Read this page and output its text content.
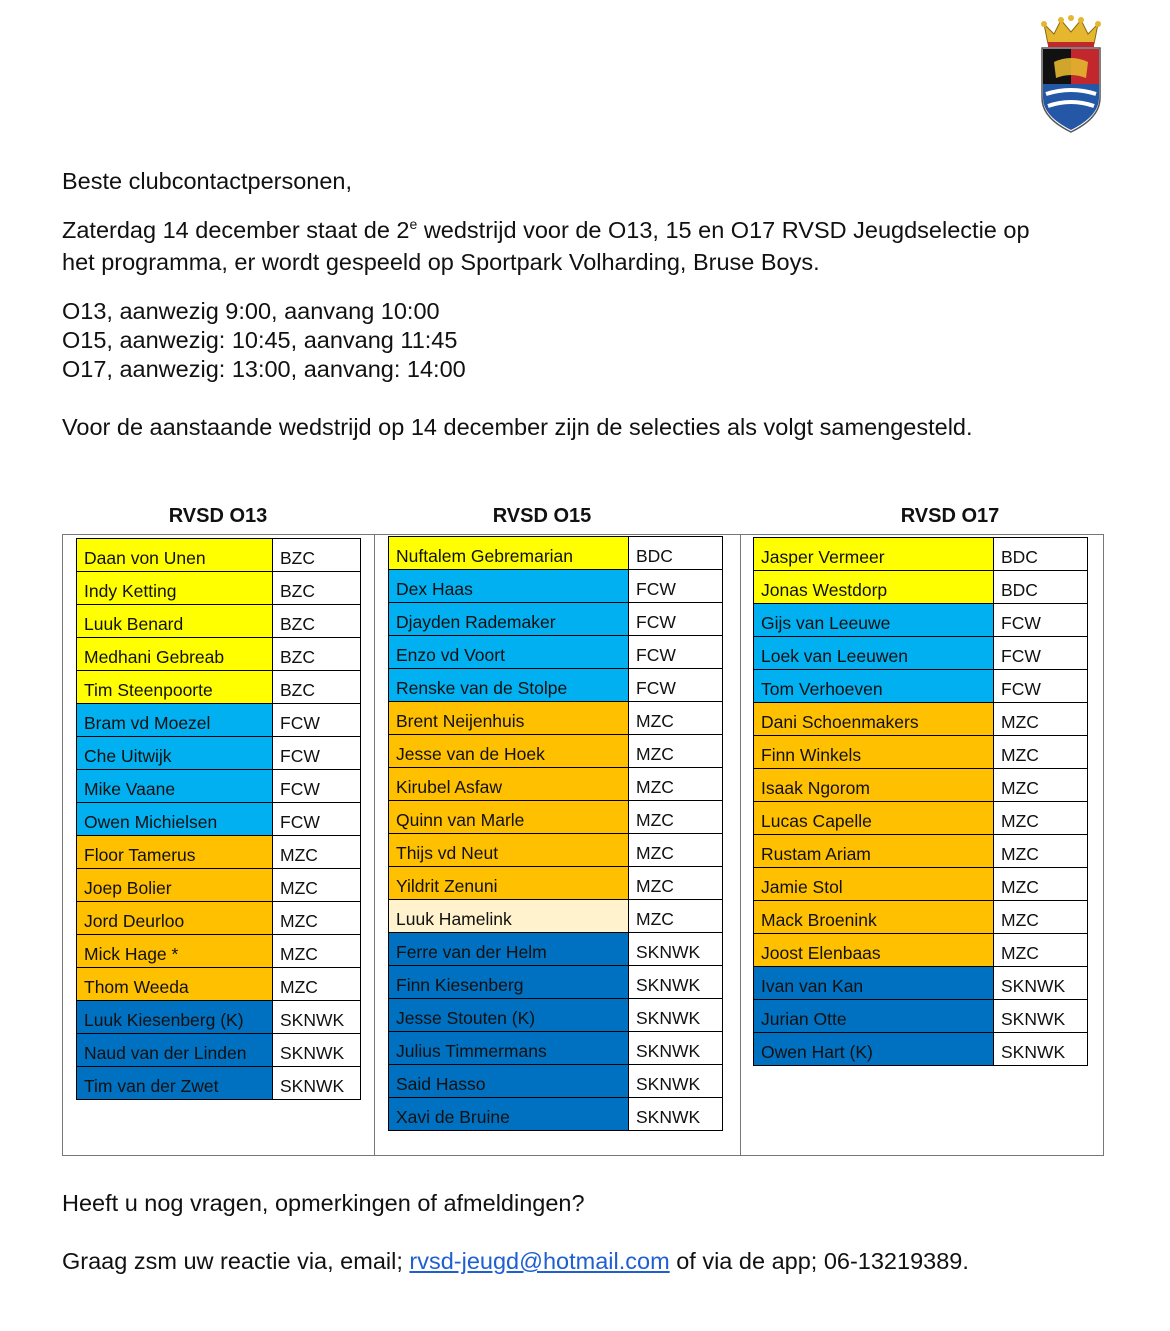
Beste clubcontactpersonen,
Zaterdag 14 december staat de 2e wedstrijd voor de O13, 15 en O17 RVSD Jeugdselectie op
het programma, er wordt gespeeld op Sportpark Volharding, Bruse Boys.
O13, aanwezig 9:00, aanvang 10:00
O15, aanwezig: 10:45, aanvang 11:45
O17, aanwezig: 13:00, aanvang: 14:00
Voor de aanstaande wedstrijd op 14 december zijn de selecties als volgt samengesteld.
RVSD O13	RVSD O15	RVSD O17
Daan von Unen	BZC
Indy Ketting	BZC
Luuk Benard	BZC
Medhani Gebreab	BZC
Tim Steenpoorte	BZC
Bram vd Moezel	FCW
Che Uitwijk	FCW
Mike Vaane	FCW
Owen Michielsen	FCW
Floor Tamerus	MZC
Joep Bolier	MZC
Jord Deurloo	MZC
Mick Hage *	MZC
Thom Weeda	MZC
Luuk Kiesenberg (K)	SKNWK
Naud van der Linden	SKNWK
Tim van der Zwet	SKNWK
Nuftalem Gebremarian	BDC
Dex Haas	FCW
Djayden Rademaker	FCW
Enzo vd Voort	FCW
Renske van de Stolpe	FCW
Brent Neijenhuis	MZC
Jesse van de Hoek	MZC
Kirubel Asfaw	MZC
Quinn van Marle	MZC
Thijs vd Neut	MZC
Yildrit Zenuni	MZC
Luuk Hamelink	MZC
Ferre van der Helm	SKNWK
Finn Kiesenberg	SKNWK
Jesse Stouten (K)	SKNWK
Julius Timmermans	SKNWK
Said Hasso	SKNWK
Xavi de Bruine	SKNWK
Jasper Vermeer	BDC
Jonas Westdorp	BDC
Gijs van Leeuwe	FCW
Loek van Leeuwen	FCW
Tom Verhoeven	FCW
Dani Schoenmakers	MZC
Finn Winkels	MZC
Isaak Ngorom	MZC
Lucas Capelle	MZC
Rustam Ariam	MZC
Jamie Stol	MZC
Mack Broenink	MZC
Joost Elenbaas	MZC
Ivan van Kan	SKNWK
Jurian Otte	SKNWK
Owen Hart (K)	SKNWK
Heeft u nog vragen, opmerkingen of afmeldingen?
Graag zsm uw reactie via, email; rvsd-jeugd@hotmail.com of via de app; 06-13219389.
